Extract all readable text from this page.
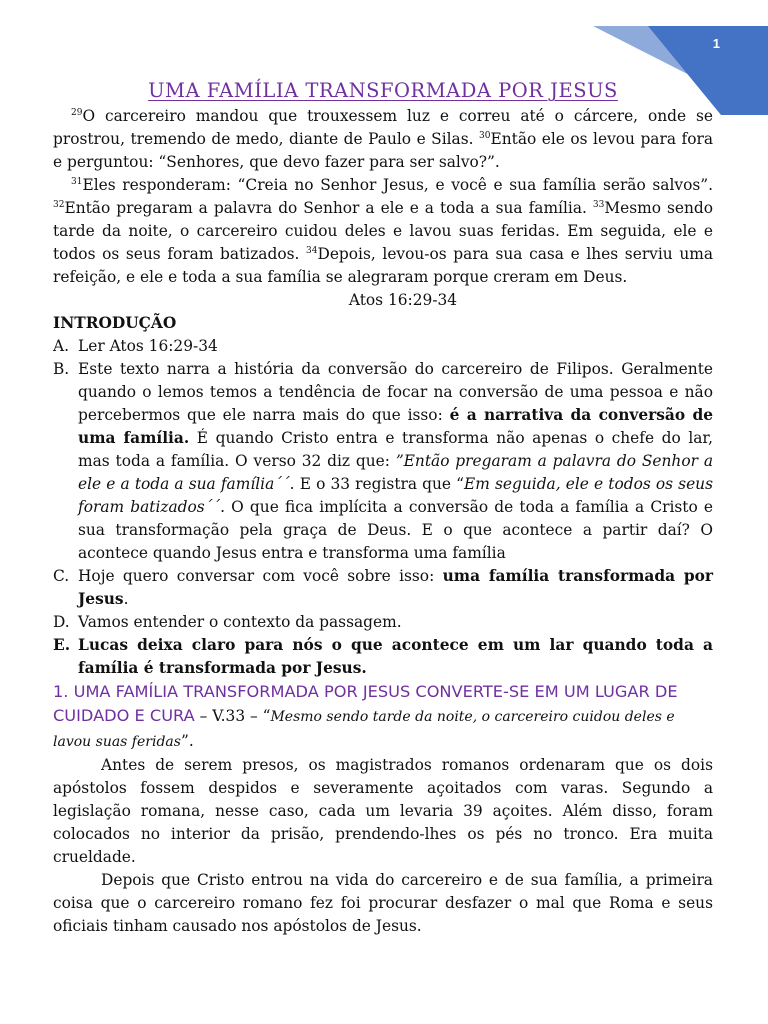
1
UMA FAMÍLIA TRANSFORMADA POR JESUS

$^{29}$O carcereiro mandou que trouxessem luz e correu até o cárcere, onde se prostrou, tremendo de medo, diante de Paulo e Silas. $^{30}$Então ele os levou para fora e perguntou: “Senhores, que devo fazer para ser salvo?”.

$^{31}$Eles responderam: “Creia no Senhor Jesus, e você e sua família serão salvos”. $^{32}$Então pregaram a palavra do Senhor a ele e a toda a sua família. $^{33}$Mesmo sendo tarde da noite, o carcereiro cuidou deles e lavou suas feridas. Em seguida, ele e todos os seus foram batizados. $^{34}$Depois, levou-os para sua casa e lhes serviu uma refeição, e ele e toda a sua família se alegraram porque creram em Deus.

Atos 16:29-34

INTRODUÇÃO

A. Ler Atos 16:29-34
B. Este texto narra a história da conversão do carcereiro de Filipos. Geralmente quando o lemos temos a tendência de focar na conversão de uma pessoa e não percebermos que ele narra mais do que isso: é a narrativa da conversão de uma família. É quando Cristo entra e transforma não apenas o chefe do lar, mas toda a família. O verso 32 diz que: ”Então pregaram a palavra do Senhor a ele e a toda a sua família´´. E o 33 registra que “Em seguida, ele e todos os seus foram batizados´´. O que fica implícita a conversão de toda a família a Cristo e sua transformação pela graça de Deus. E o que acontece a partir daí? O acontece quando Jesus entra e transforma uma família
C. Hoje quero conversar com você sobre isso: uma família transformada por Jesus.
D. Vamos entender o contexto da passagem.
E. Lucas deixa claro para nós o que acontece em um lar quando toda a família é transformada por Jesus.

1. UMA FAMÍLIA TRANSFORMADA POR JESUS CONVERTE-SE EM UM LUGAR DE CUIDADO E CURA – V.33 – “Mesmo sendo tarde da noite, o carcereiro cuidou deles e lavou suas feridas”.

Antes de serem presos, os magistrados romanos ordenaram que os dois apóstolos fossem despidos e severamente açoitados com varas. Segundo a legislação romana, nesse caso, cada um levaria 39 açoites. Além disso, foram colocados no interior da prisão, prendendo-lhes os pés no tronco. Era muita crueldade.

Depois que Cristo entrou na vida do carcereiro e de sua família, a primeira coisa que o carcereiro romano fez foi procurar desfazer o mal que Roma e seus oficiais tinham causado nos apóstolos de Jesus.
